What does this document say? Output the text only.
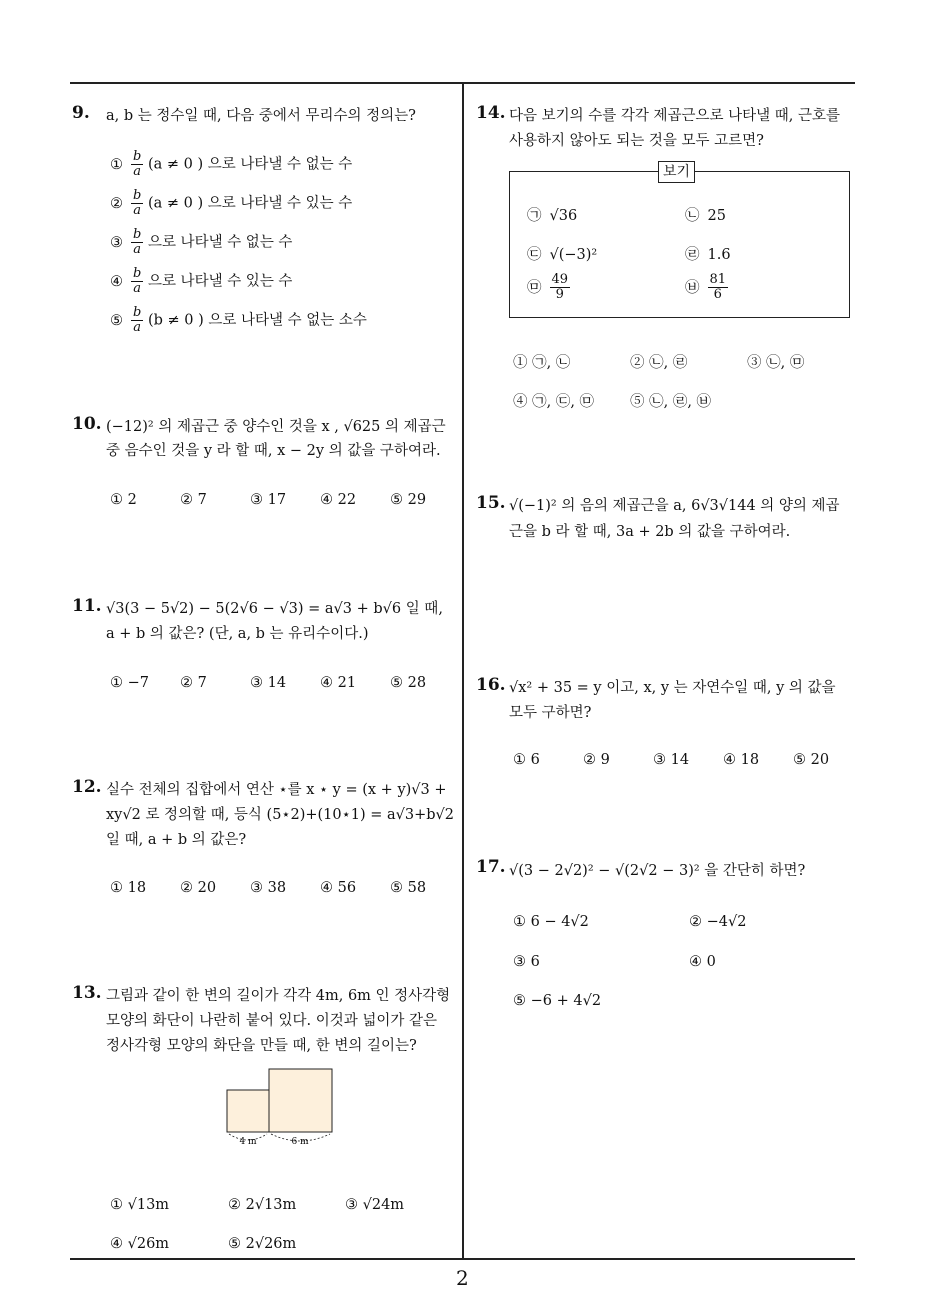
9. a, b 는 정수일 때, 다음 중에서 무리수의 정의는?
① $\frac{b}{a} (a \ne 0$ ) 으로 나타낼 수 없는 수
② $\frac{b}{a} (a \ne 0$ ) 으로 나타낼 수 있는 수
③ $\frac{b}{a}$ 으로 나타낼 수 없는 수
④ $\frac{b}{a}$ 으로 나타낼 수 있는 수
⑤ $\frac{b}{a} (b \ne 0$ ) 으로 나타낼 수 없는 소수
10. (−12)² 의 제곱근 중 양수인 것을 x , √625 의 제곱근
중 음수인 것을 y 라 할 때, x − 2y 의 값을 구하여라.
① 2	② 7	③ 17 ④ 22 ⑤ 29
11. √3(3 − 5√2) − 5(2√6 − √3) = a√3 + b√6 일 때,
a + b 의 값은? (단, a, b 는 유리수이다.)
① −7 ② 7	③ 14 ④ 21 ⑤ 28
12. 실수 전체의 집합에서 연산 ⋆를 x ⋆ y = (x + y)√3 +
xy√2 로 정의할 때, 등식 (5⋆2)+(10⋆1) = a√3+b√2
일 때, a + b 의 값은?
① 18 ② 20 ③ 38 ④ 56 ⑤ 58
13. 그림과 같이 한 변의 길이가 각각 4m, 6m 인 정사각형
모양의 화단이 나란히 붙어 있다. 이것과 넓이가 같은
정사각형 모양의 화단을 만들 때, 한 변의 길이는?
4 m	6 m
① √13m	② 2√13m	③ √24m
④ √26m	⑤ 2√26m
14. 다음 보기의 수를 각각 제곱근으로 나타낼 때, 근호를
사용하지 않아도 되는 것을 모두 고르면?
보기
㉠ √36	㉡ 25
㉢ √(−3)²	㉣ 1.6
㉤ $\frac{49}{9}$	㉥ $\frac{81}{6}$
① ㉠, ㉡	② ㉡, ㉣	③ ㉡, ㉤
④ ㉠, ㉢, ㉤ ⑤ ㉡, ㉣, ㉥
15. √(−1)² 의 음의 제곱근을 a, 6√3√144 의 양의 제곱
근을 b 라 할 때, 3a + 2b 의 값을 구하여라.
16. √x² + 35 = y 이고, x, y 는 자연수일 때, y 의 값을
모두 구하면?
① 6	② 9	③ 14 ④ 18 ⑤ 20
17. √(3 − 2√2)² − √(2√2 − 3)² 을 간단히 하면?
① 6 − 4√2	② −4√2
③ 6	④ 0
⑤ −6 + 4√2
2
